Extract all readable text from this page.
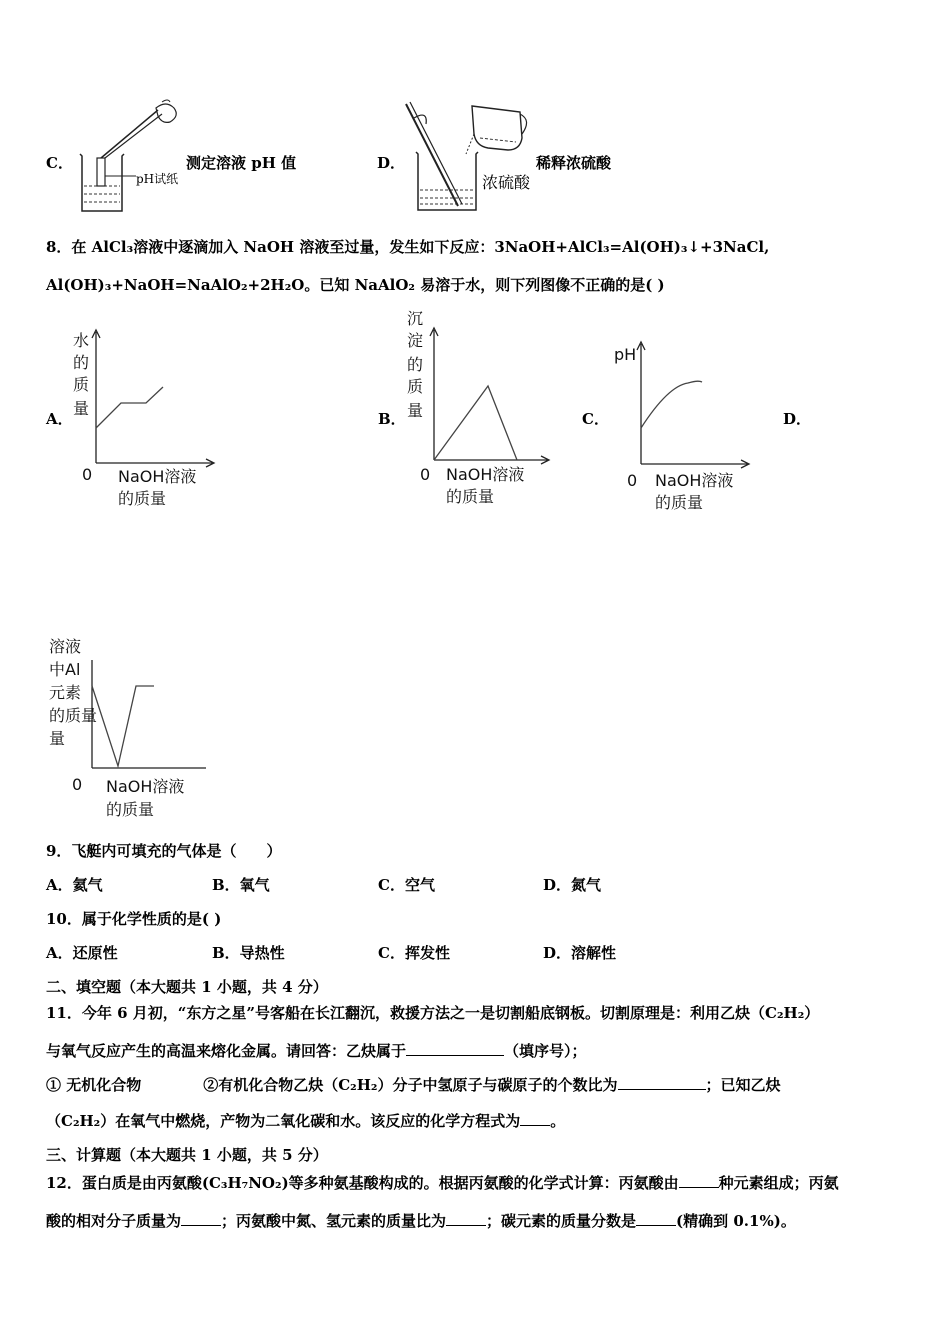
C．
pH试纸
测定溶液 pH 值	D．
浓硫酸
稀释浓硫酸
8．在 AlCl₃溶液中逐滴加入 NaOH 溶液至过量，发生如下反应：3NaOH+AlCl₃=Al(OH)₃↓+3NaCl,
Al(OH)₃+NaOH=NaAlO₂+2H₂O。已知 NaAlO₂ 易溶于水，则下列图像不正确的是( )
A．
水
的
质
量
0 NaOH溶液
的质量
B．
沉
淀
的
质
量
0 NaOH溶液
的质量
C．
pH
0 NaOH溶液
的质量
D．
溶液
中Al
元素
的质量
量
0 NaOH溶液
的质量
9．飞艇内可填充的气体是（　　）
A．氦气	B．氧气	C．空气	D．氮气
10．属于化学性质的是( )
A．还原性	B．导热性	C．挥发性	D．溶解性
二、填空题（本大题共 1 小题，共 4 分）
11．今年 6 月初，“东方之星”号客船在长江翻沉，救援方法之一是切割船底钢板。切割原理是：利用乙炔（C₂H₂）
与氧气反应产生的高温来熔化金属。请回答：乙炔属于	（填序号）；
① 无机化合物	②有机化合物乙炔（C₂H₂）分子中氢原子与碳原子的个数比为	；已知乙炔
（C₂H₂）在氧气中燃烧，产物为二氧化碳和水。该反应的化学方程式为 。
三、计算题（本大题共 1 小题，共 5 分）
12．蛋白质是由丙氨酸(C₃H₇NO₂)等多种氨基酸构成的。根据丙氨酸的化学式计算：丙氨酸由	种元素组成；丙氨
酸的相对分子质量为	；丙氨酸中氮、氢元素的质量比为	；碳元素的质量分数是	(精确到 0.1%)。
